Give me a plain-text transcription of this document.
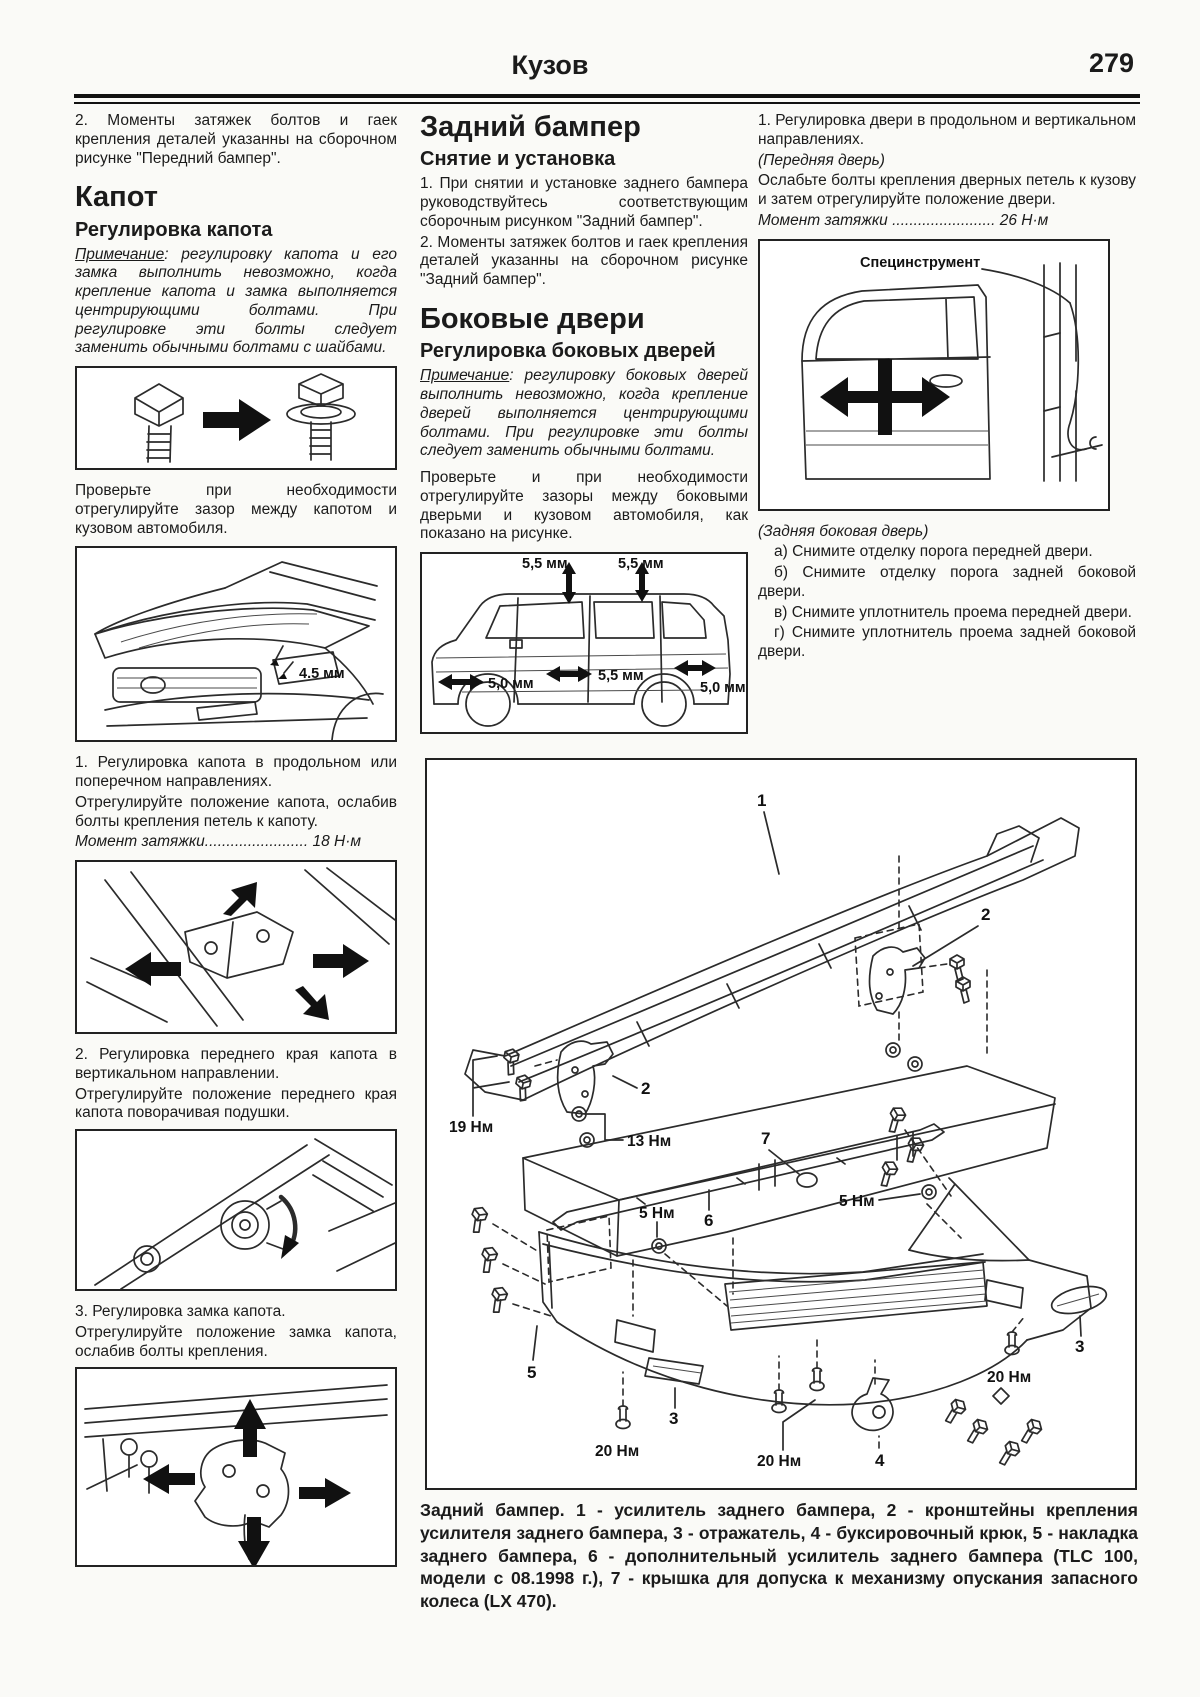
Кузов	279

2. Моменты затяжек болтов и гаек крепления деталей указанны на сборочном рисунке "Передний бампер".

Капот
Регулировка капота
Примечание: регулировку капота и его замка выполнить невозможно, когда крепление капота и замка выполняется центрирующими болтами. При регулировке эти болты следует заменить обычными болтами с шайбами.

Проверьте при необходимости отрегулируйте зазор между капотом и кузовом автомобиля.

4.5 мм

1. Регулировка капота в продольном или поперечном направлениях.

Отрегулируйте положение капота, ослабив болты крепления петель к капоту.

Момент затяжки........................ 18 Н·м

2. Регулировка переднего края капота в вертикальном направлении.

Отрегулируйте положение переднего края капота поворачивая подушки.

3. Регулировка замка капота.

Отрегулируйте положение замка капота, ослабив болты крепления.

Задний бампер
Снятие и установка

1. При снятии и установке заднего бампера руководствуйтесь соответствующим сборочным рисунком "Задний бампер".

2. Моменты затяжек болтов и гаек крепления деталей указанны на сборочном рисунке "Задний бампер".

Боковые двери
Регулировка боковых дверей
Примечание: регулировку боковых дверей выполнить невозможно, когда крепление дверей выполняется центрирующими болтами. При регулировке эти болты следует заменить обычными болтами.

Проверьте и при необходимости отрегулируйте зазоры между боковыми дверьми и кузовом автомобиля, как показано на рисунке.

5,5 мм	5,5 мм
5,0 мм	5,5 мм
5,0 мм

1. Регулировка двери в продольном и вертикальном направлениях.

(Передняя дверь)

Ослабьте болты крепления дверных петель к кузову и затем отрегулируйте положение двери.

Момент затяжки ........................ 26 Н·м

Специнструмент

(Задняя боковая дверь)

а) Снимите отделку порога передней двери.

б) Снимите отделку порога задней боковой двери.

в) Снимите уплотнитель проема передней двери.

г) Снимите уплотнитель проема задней боковой двери.

1
2
19 Нм
2
13 Нм
6
7
5 Нм
5 Нм
5
3
20 Нм
20 Нм	4
20 Нм
3
Задний бампер. 1 - усилитель заднего бампера, 2 - кронштейны крепления усилителя заднего бампера, 3 - отражатель, 4 - буксировочный крюк, 5 - накладка заднего бампера, 6 - дополнительный усилитель заднего бампера (TLC 100, модели с 08.1998 г.), 7 - крышка для допуска к механизму опускания запасного колеса (LX 470).
